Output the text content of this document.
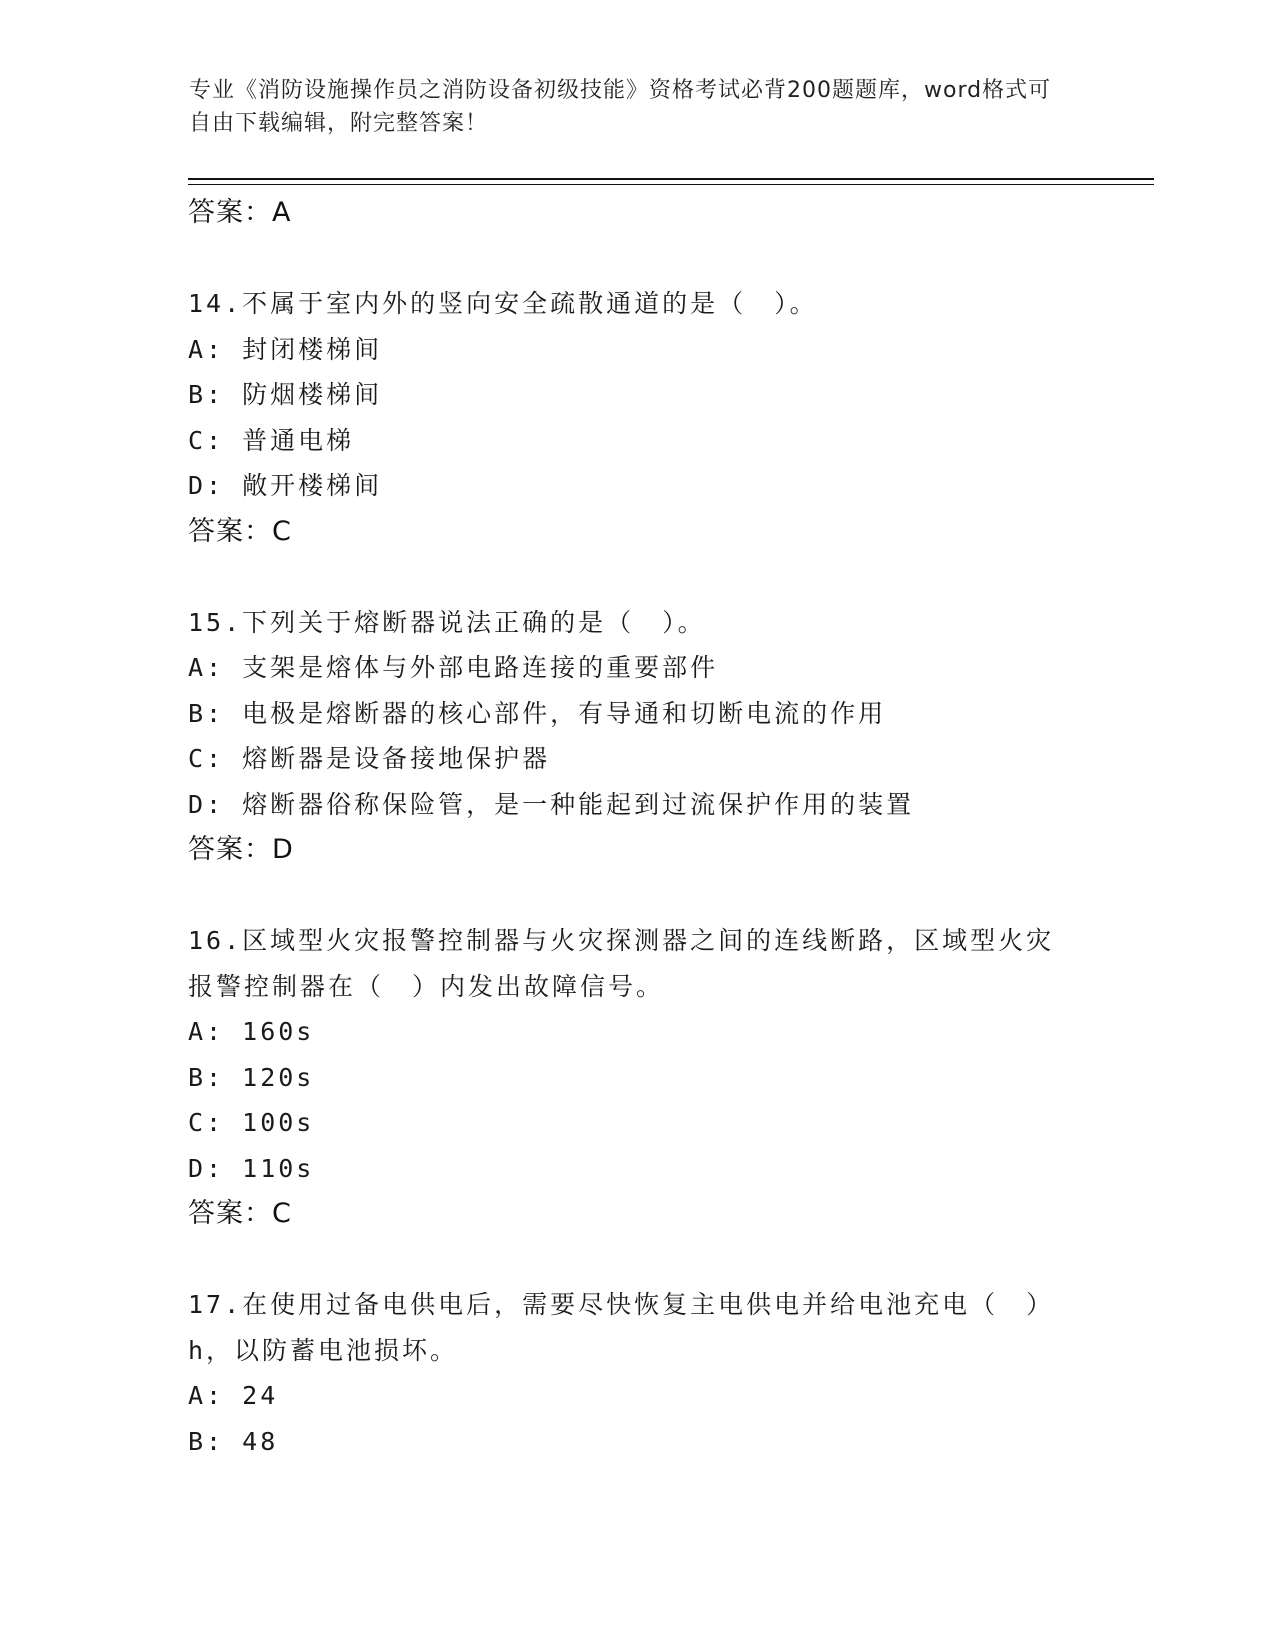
专业《消防设施操作员之消防设备初级技能》资格考试必背200题题库，word格式可自由下载编辑，附完整答案！
答案：A
14.不属于室内外的竖向安全疏散通道的是（　）。
A: 封闭楼梯间
B: 防烟楼梯间
C: 普通电梯
D: 敞开楼梯间
答案：C
15.下列关于熔断器说法正确的是（　）。
A: 支架是熔体与外部电路连接的重要部件
B: 电极是熔断器的核心部件，有导通和切断电流的作用
C: 熔断器是设备接地保护器
D: 熔断器俗称保险管，是一种能起到过流保护作用的装置
答案：D
16.区域型火灾报警控制器与火灾探测器之间的连线断路，区域型火灾
报警控制器在（　）内发出故障信号。
A: 160s
B: 120s
C: 100s
D: 110s
答案：C
17.在使用过备电供电后，需要尽快恢复主电供电并给电池充电（　）
h，以防蓄电池损坏。
A: 24
B: 48
